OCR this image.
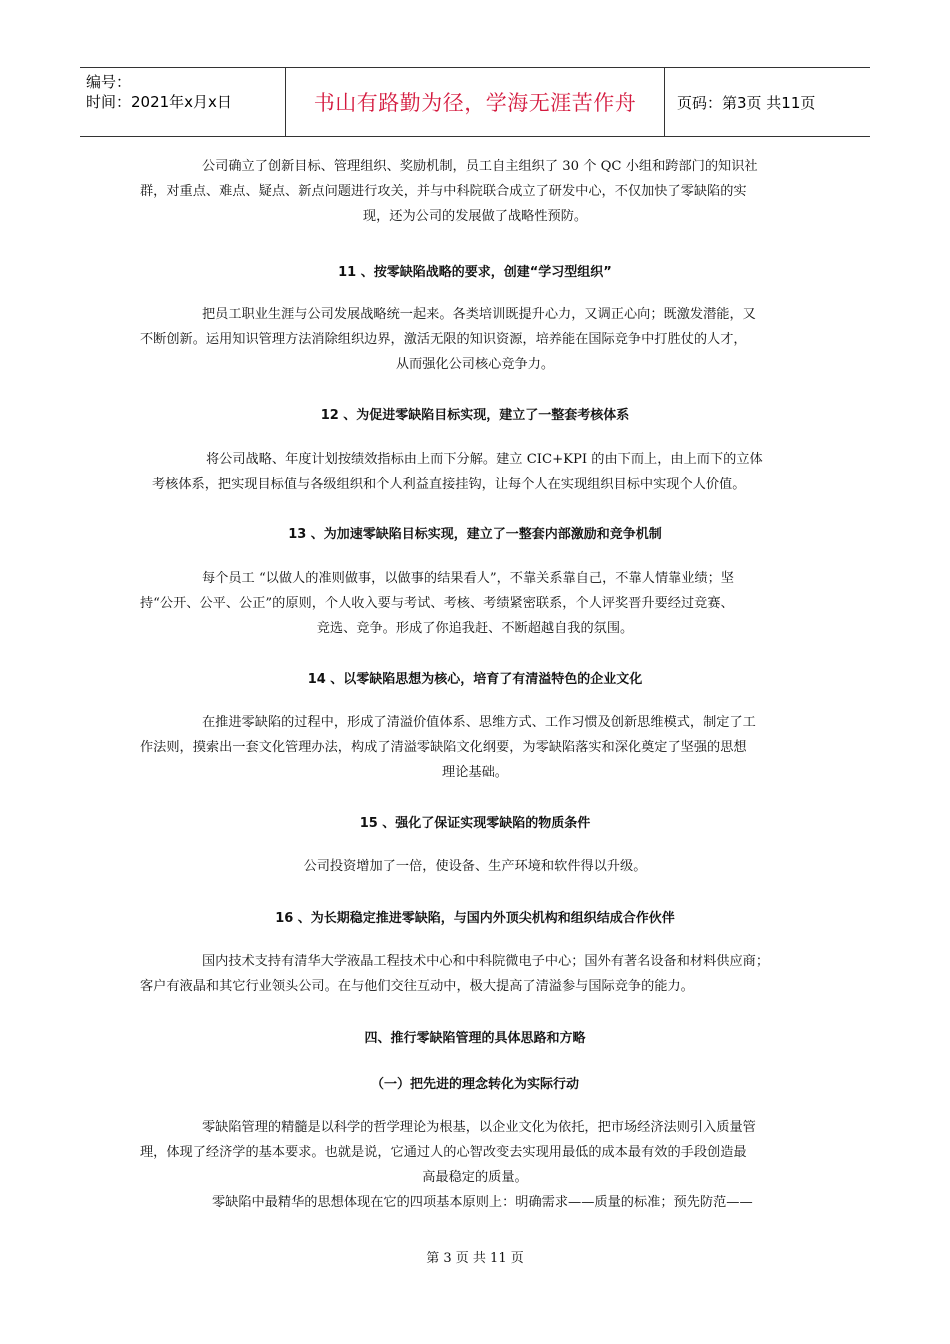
编号：
时间：2021年x月x日	书山有路勤为径，学海无涯苦作舟	页码：第3页 共11页
公司确立了创新目标、管理组织、奖励机制，员工自主组织了 30 个 QC 小组和跨部门的知识社
群，对重点、难点、疑点、新点问题进行攻关，并与中科院联合成立了研发中心，不仅加快了零缺陷的实
现，还为公司的发展做了战略性预防。
11 、按零缺陷战略的要求，创建“学习型组织”
把员工职业生涯与公司发展战略统一起来。各类培训既提升心力，又调正心向；既激发潜能，又
不断创新。运用知识管理方法消除组织边界，激活无限的知识资源，培养能在国际竞争中打胜仗的人才，
从而强化公司核心竞争力。
12 、为促进零缺陷目标实现，建立了一整套考核体系
将公司战略、年度计划按绩效指标由上而下分解。建立 CIC+KPI 的由下而上，由上而下的立体
考核体系，把实现目标值与各级组织和个人利益直接挂钩，让每个人在实现组织目标中实现个人价值。
13 、为加速零缺陷目标实现，建立了一整套内部激励和竞争机制
每个员工 “以做人的准则做事，以做事的结果看人”，不靠关系靠自己，不靠人情靠业绩；坚
持“公开、公平、公正”的原则，个人收入要与考试、考核、考绩紧密联系，个人评奖晋升要经过竞赛、
竞选、竞争。形成了你追我赶、不断超越自我的氛围。
14 、以零缺陷思想为核心，培育了有清溢特色的企业文化
在推进零缺陷的过程中，形成了清溢价值体系、思维方式、工作习惯及创新思维模式，制定了工
作法则，摸索出一套文化管理办法，构成了清溢零缺陷文化纲要，为零缺陷落实和深化奠定了坚强的思想
理论基础。
15 、强化了保证实现零缺陷的物质条件
公司投资增加了一倍，使设备、生产环境和软件得以升级。
16 、为长期稳定推进零缺陷，与国内外顶尖机构和组织结成合作伙伴
国内技术支持有清华大学液晶工程技术中心和中科院微电子中心；国外有著名设备和材料供应商；
客户有液晶和其它行业领头公司。在与他们交往互动中，极大提高了清溢参与国际竞争的能力。
四、推行零缺陷管理的具体思路和方略
（一）把先进的理念转化为实际行动
零缺陷管理的精髓是以科学的哲学理论为根基，以企业文化为依托，把市场经济法则引入质量管
理，体现了经济学的基本要求。也就是说，它通过人的心智改变去实现用最低的成本最有效的手段创造最
高最稳定的质量。
零缺陷中最精华的思想体现在它的四项基本原则上：明确需求——质量的标准；预先防范——
第 3 页 共 11 页
